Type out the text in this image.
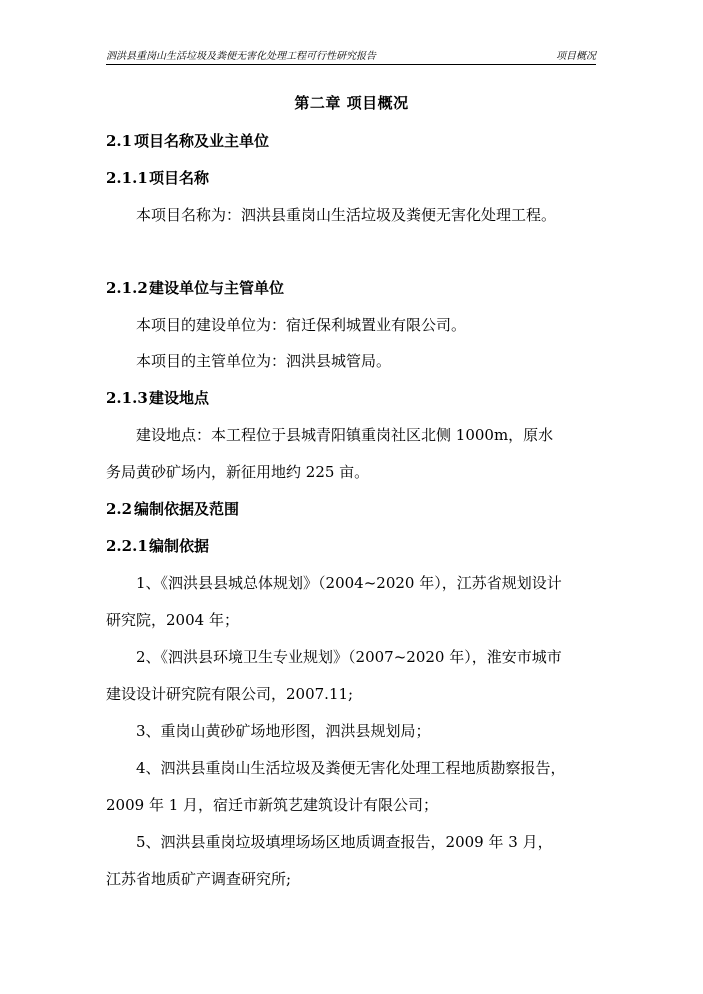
泗洪县重岗山生活垃圾及粪便无害化处理工程可行性研究报告	项目概况
第二章 项目概况
2.1 项目名称及业主单位
2.1.1项目名称
本项目名称为：泗洪县重岗山生活垃圾及粪便无害化处理工程。
2.1.2建设单位与主管单位
本项目的建设单位为：宿迁保利城置业有限公司。
本项目的主管单位为：泗洪县城管局。
2.1.3建设地点
建设地点：本工程位于县城青阳镇重岗社区北侧 1000m，原水
务局黄砂矿场内，新征用地约 225 亩。
2.2 编制依据及范围
2.2.1编制依据
1、《泗洪县县城总体规划》（2004~2020 年），江苏省规划设计
研究院，2004 年；
2、《泗洪县环境卫生专业规划》（2007~2020 年），淮安市城市
建设设计研究院有限公司，2007.11;
3、重岗山黄砂矿场地形图，泗洪县规划局；
4、泗洪县重岗山生活垃圾及粪便无害化处理工程地质勘察报告，
2009 年 1 月，宿迁市新筑艺建筑设计有限公司；
5、泗洪县重岗垃圾填埋场场区地质调查报告，2009 年 3 月，
江苏省地质矿产调查研究所;
